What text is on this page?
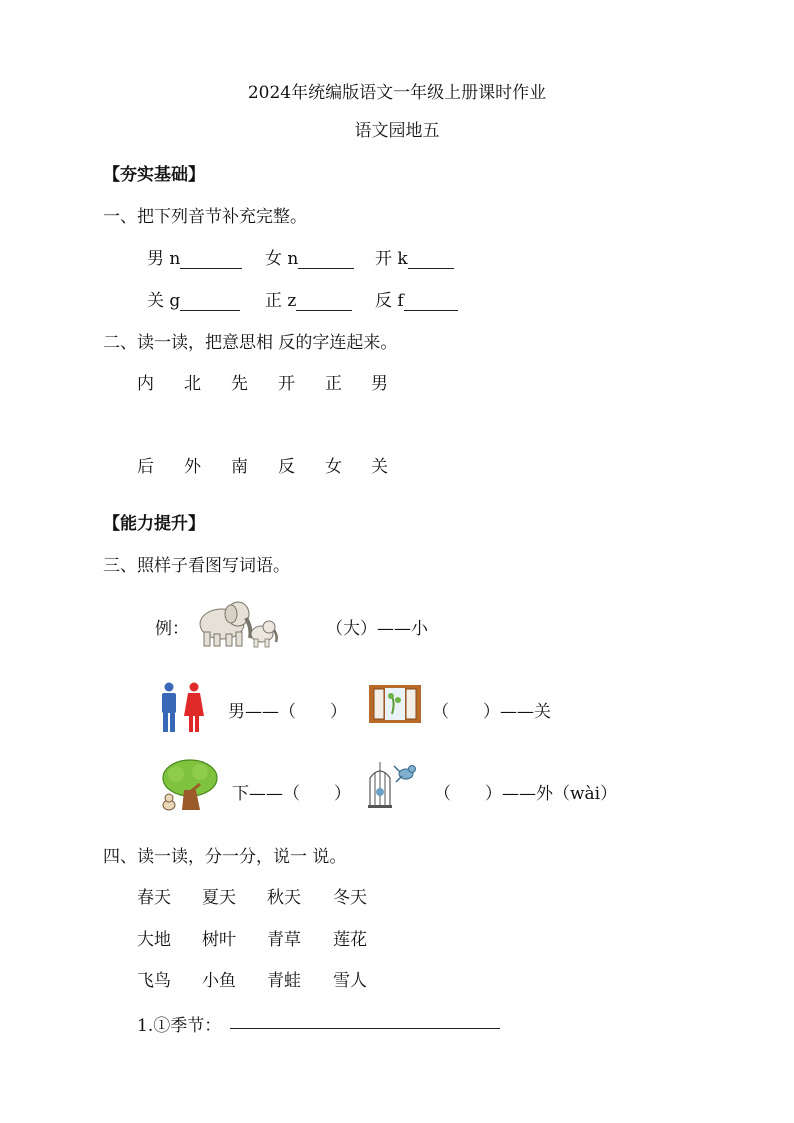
2024年统编版语文一年级上册课时作业
语文园地五
【夯实基础】
一、把下列音节补充完整。
男 n	女 n	开 k
关 g	正 z	反 f
二、读一读，把意思相 反的字连起来。
内 北 先 开 正 男
后 外 南 反 女 关
【能力提升】
三、照样子看图写词语。
例：	（大）——小
男——（　　）	（　　）——关
下——（　　）	（　　）——外（wài）
四、读一读，分一分，说一 说。
春天 夏天 秋天 冬天
大地 树叶 青草 莲花
飞鸟 小鱼 青蛙 雪人
1.①季节：
